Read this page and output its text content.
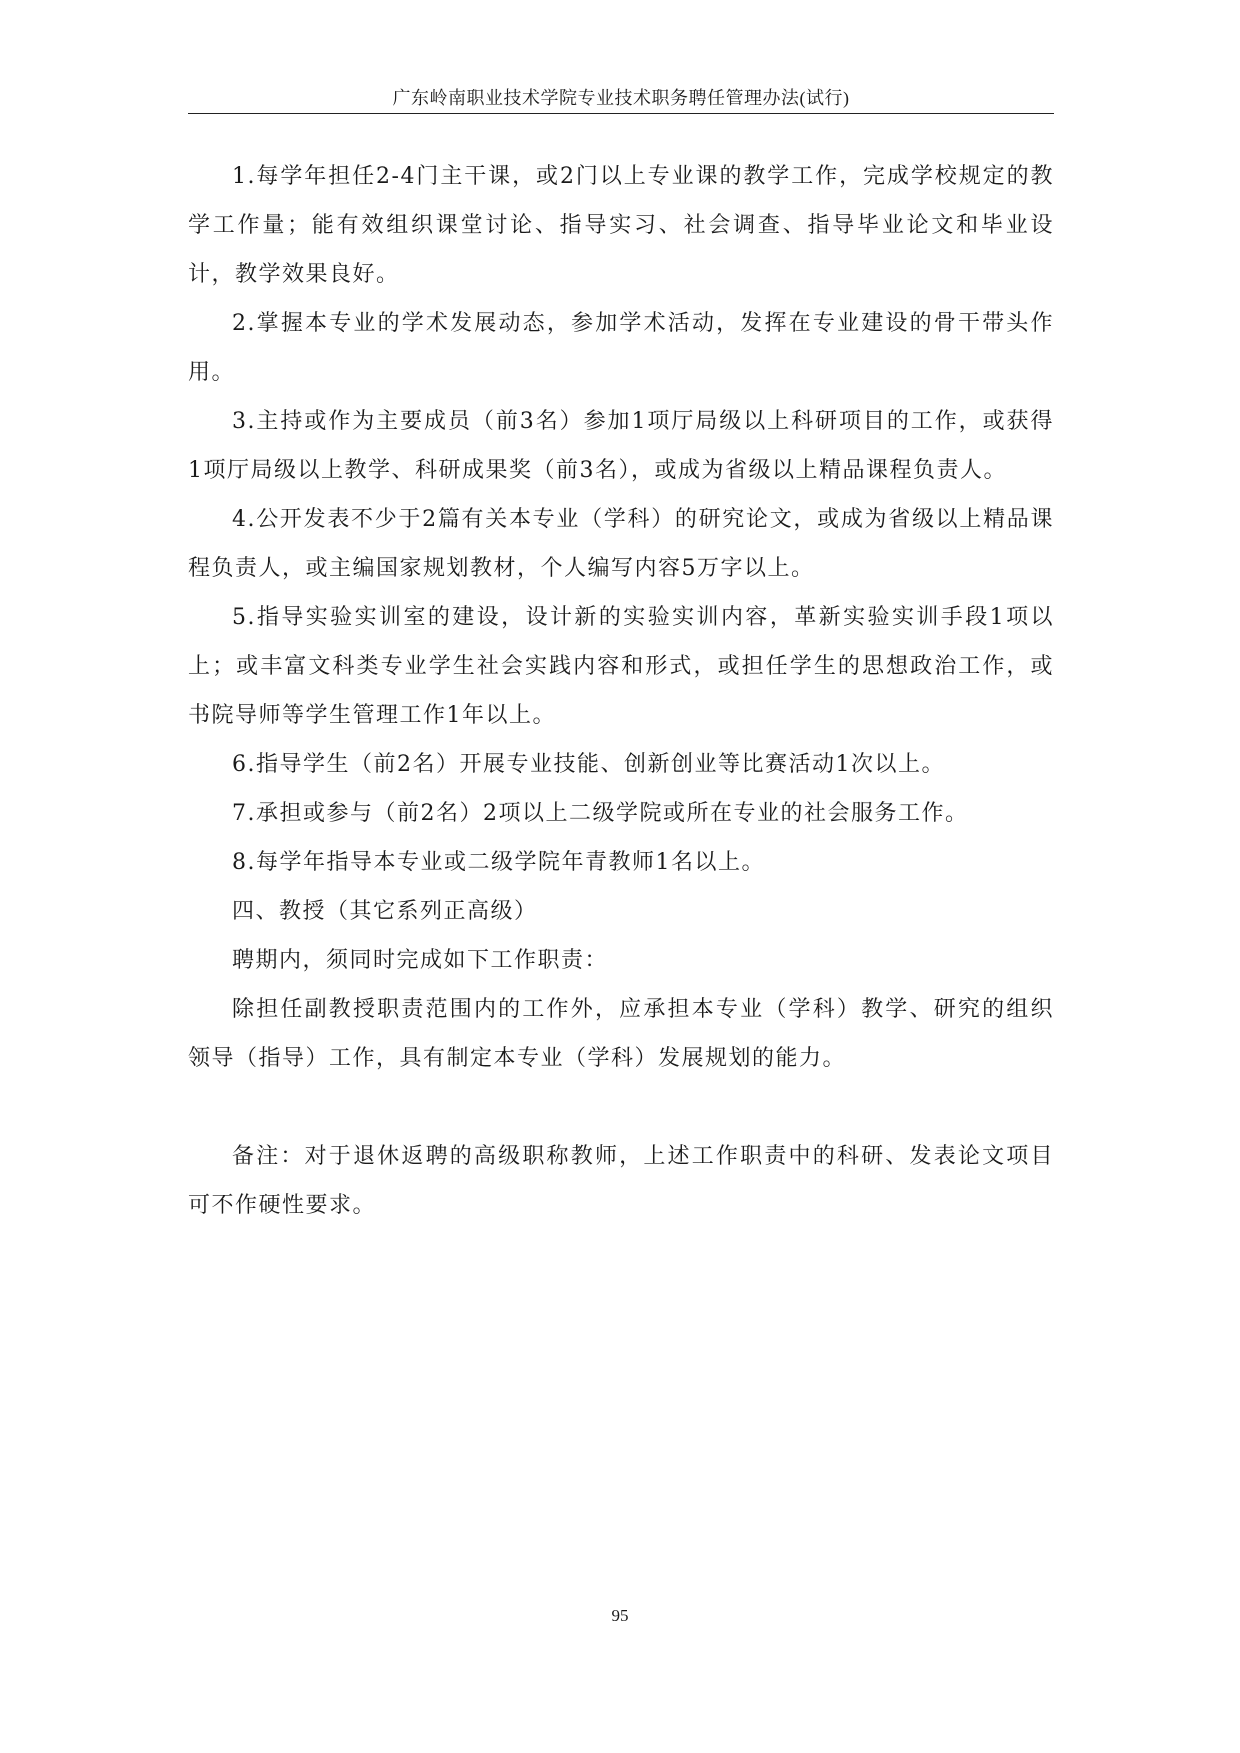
广东岭南职业技术学院专业技术职务聘任管理办法(试行)

1.每学年担任2-4门主干课，或2门以上专业课的教学工作，完成学校规定的教学工作量；能有效组织课堂讨论、指导实习、社会调查、指导毕业论文和毕业设计，教学效果良好。

2.掌握本专业的学术发展动态，参加学术活动，发挥在专业建设的骨干带头作用。

3.主持或作为主要成员（前3名）参加1项厅局级以上科研项目的工作，或获得1项厅局级以上教学、科研成果奖（前3名），或成为省级以上精品课程负责人。

4.公开发表不少于2篇有关本专业（学科）的研究论文，或成为省级以上精品课程负责人，或主编国家规划教材，个人编写内容5万字以上。

5.指导实验实训室的建设，设计新的实验实训内容，革新实验实训手段1项以上；或丰富文科类专业学生社会实践内容和形式，或担任学生的思想政治工作，或书院导师等学生管理工作1年以上。

6.指导学生（前2名）开展专业技能、创新创业等比赛活动1次以上。

7.承担或参与（前2名）2项以上二级学院或所在专业的社会服务工作。

8.每学年指导本专业或二级学院年青教师1名以上。

四、教授（其它系列正高级）

聘期内，须同时完成如下工作职责：

除担任副教授职责范围内的工作外，应承担本专业（学科）教学、研究的组织领导（指导）工作，具有制定本专业（学科）发展规划的能力。

备注：对于退休返聘的高级职称教师，上述工作职责中的科研、发表论文项目可不作硬性要求。

95
